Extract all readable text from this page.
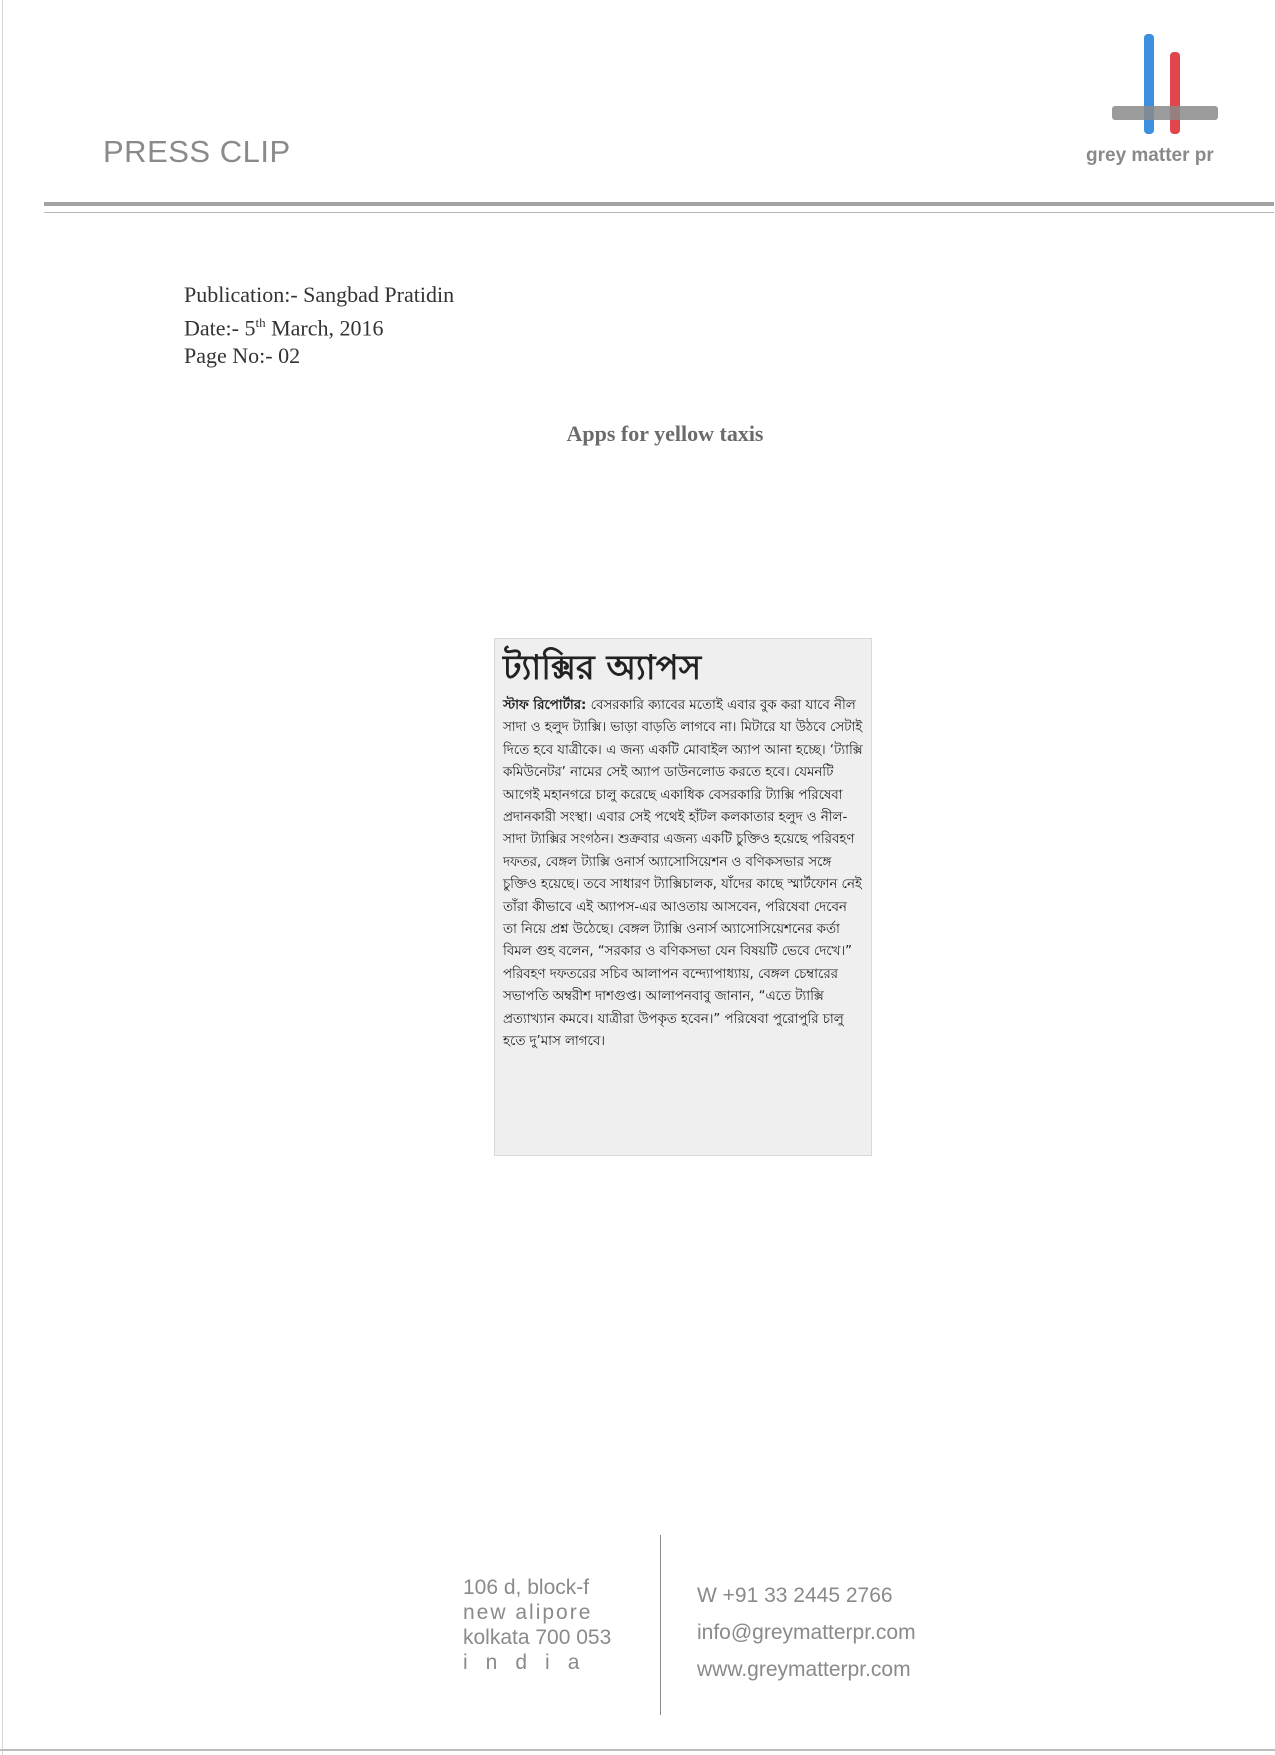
PRESS CLIP	grey matter pr
Publication:- Sangbad Pratidin
Date:- 5th March, 2016
Page No:- 02
Apps for yellow taxis
ট্যাক্সির অ্যাপস

স্টাফ রিপোর্টার: বেসরকারি ক্যাবের মতোই এবার বুক করা যাবে নীল সাদা ও হলুদ ট্যাক্সি। ভাড়া বাড়তি লাগবে না। মিটারে যা উঠবে সেটাই দিতে হবে যাত্রীকে। এ জন্য একটি মোবাইল অ্যাপ আনা হচ্ছে। ‘ট্যাক্সি কমিউনেটর’ নামের সেই অ্যাপ ডাউনলোড করতে হবে। যেমনটি আগেই মহানগরে চালু করেছে একাধিক বেসরকারি ট্যাক্সি পরিষেবা প্রদানকারী সংস্থা। এবার সেই পথেই হাঁটল কলকাতার হলুদ ও নীল-সাদা ট্যাক্সির সংগঠন। শুক্রবার এজন্য একটি চুক্তিও হয়েছে পরিবহণ দফতর, বেঙ্গল ট্যাক্সি ওনার্স অ্যাসোসিয়েশন ও বণিকসভার সঙ্গে চুক্তিও হয়েছে। তবে সাধারণ ট্যাক্সিচালক, যাঁদের কাছে স্মার্টফোন নেই তাঁরা কীভাবে এই অ্যাপস-এর আওতায় আসবেন, পরিষেবা দেবেন তা নিয়ে প্রশ্ন উঠেছে। বেঙ্গল ট্যাক্সি ওনার্স অ্যাসোসিয়েশনের কর্তা বিমল গুহ বলেন, “সরকার ও বণিকসভা যেন বিষয়টি ভেবে দেখে।” পরিবহণ দফতরের সচিব আলাপন বন্দ্যোপাধ্যায়, বেঙ্গল চেম্বারের সভাপতি অম্বরীশ দাশগুপ্ত। আলাপনবাবু জানান, “এতে ট্যাক্সি প্রত্যাখ্যান কমবে। যাত্রীরা উপকৃত হবেন।” পরিষেবা পুরোপুরি চালু হতে দু’মাস লাগবে।

106 d, block-f
new alipore
kolkata 700 053
india
W +91 33 2445 2766
info@greymatterpr.com
www.greymatterpr.com
